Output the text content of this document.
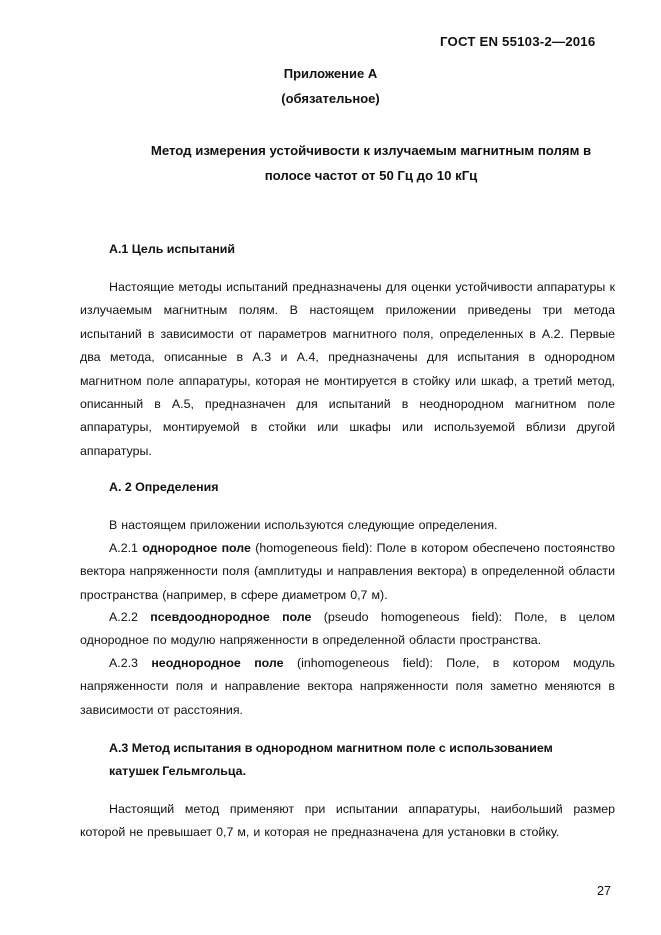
ГОСТ EN 55103-2—2016
Приложение А
(обязательное)
Метод измерения устойчивости к излучаемым магнитным полям в
полосе частот от 50 Гц до 10 кГц
А.1 Цель испытаний
Настоящие методы испытаний предназначены для оценки устойчивости аппаратуры к излучаемым магнитным полям. В настоящем приложении приведены три метода испытаний в зависимости от параметров магнитного поля, определенных в А.2. Первые два метода, описанные в А.3 и А.4, предназначены для испытания в однородном магнитном поле аппаратуры, которая не монтируется в стойку или шкаф, а третий метод, описанный в А.5, предназначен для испытаний в неоднородном магнитном поле аппаратуры, монтируемой в стойки или шкафы или используемой вблизи другой аппаратуры.
А. 2 Определения
В настоящем приложении используются следующие определения.
А.2.1 однородное поле (homogeneous field): Поле в котором обеспечено постоянство вектора напряженности поля (амплитуды и направления вектора) в определенной области пространства (например, в сфере диаметром 0,7 м).
А.2.2 псевдооднородное поле (pseudo homogeneous field): Поле, в целом однородное по модулю напряженности в определенной области пространства.
А.2.3 неоднородное поле (inhomogeneous field): Поле, в котором модуль напряженности поля и направление вектора напряженности поля заметно меняются в зависимости от расстояния.
А.3 Метод испытания в однородном магнитном поле с использованием
катушек Гельмгольца.
Настоящий метод применяют при испытании аппаратуры, наибольший размер которой не превышает 0,7 м, и которая не предназначена для установки в стойку.
27
